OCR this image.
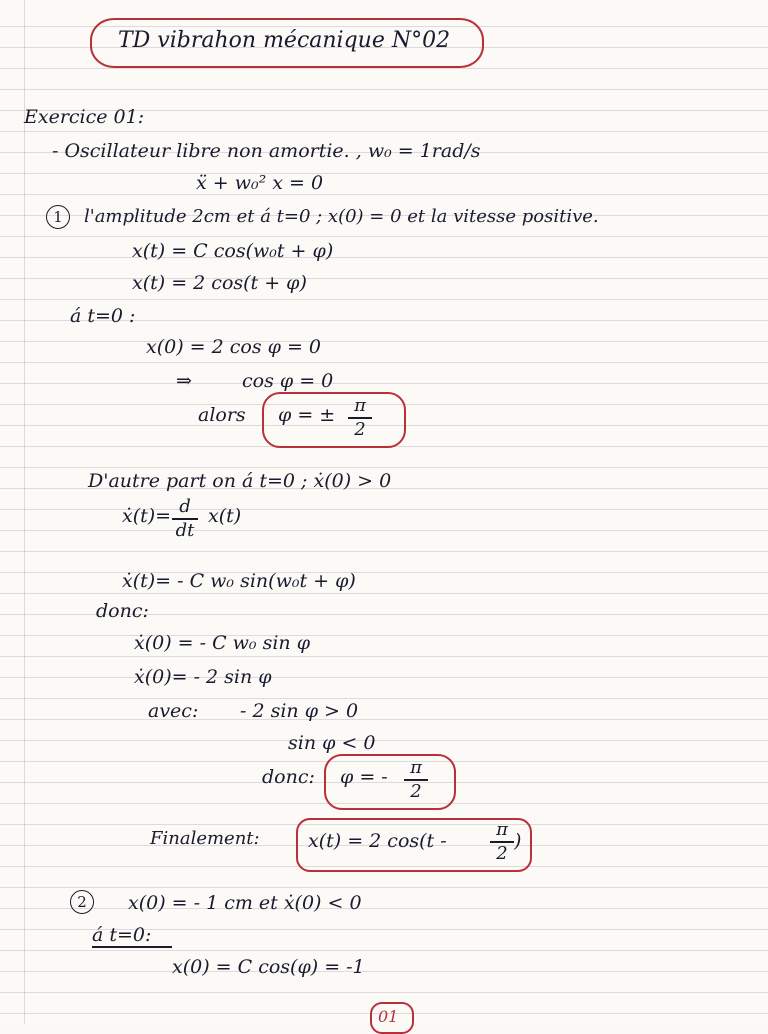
TD vibrahon mécanique N°02
Exercice 01:
- Oscillateur libre non amortie. , w₀ = 1rad/s
ẍ + w₀² x = 0
1	l'amplitude 2cm et á t=0 ; x(0) = 0 et la vitesse positive.
x(t) = C cos(w₀t + φ)
x(t) = 2 cos(t + φ)
á t=0 :
x(0) = 2 cos φ = 0
⇒	cos φ = 0
alors φ = ±	π
2
D'autre part on á t=0 ; ẋ(0) > 0
ẋ(t)= d
dt
x(t)
ẋ(t)= - C w₀ sin(w₀t + φ)
donc:
ẋ(0) = - C w₀ sin φ
ẋ(0)= - 2 sin φ
avec: - 2 sin φ > 0
sin φ < 0
donc: φ = -	π
2
Finalement:	x(t) = 2 cos(t -
π
2
)
2	x(0) = - 1 cm et ẋ(0) < 0
á t=0:
x(0) = C cos(φ) = -1
01
